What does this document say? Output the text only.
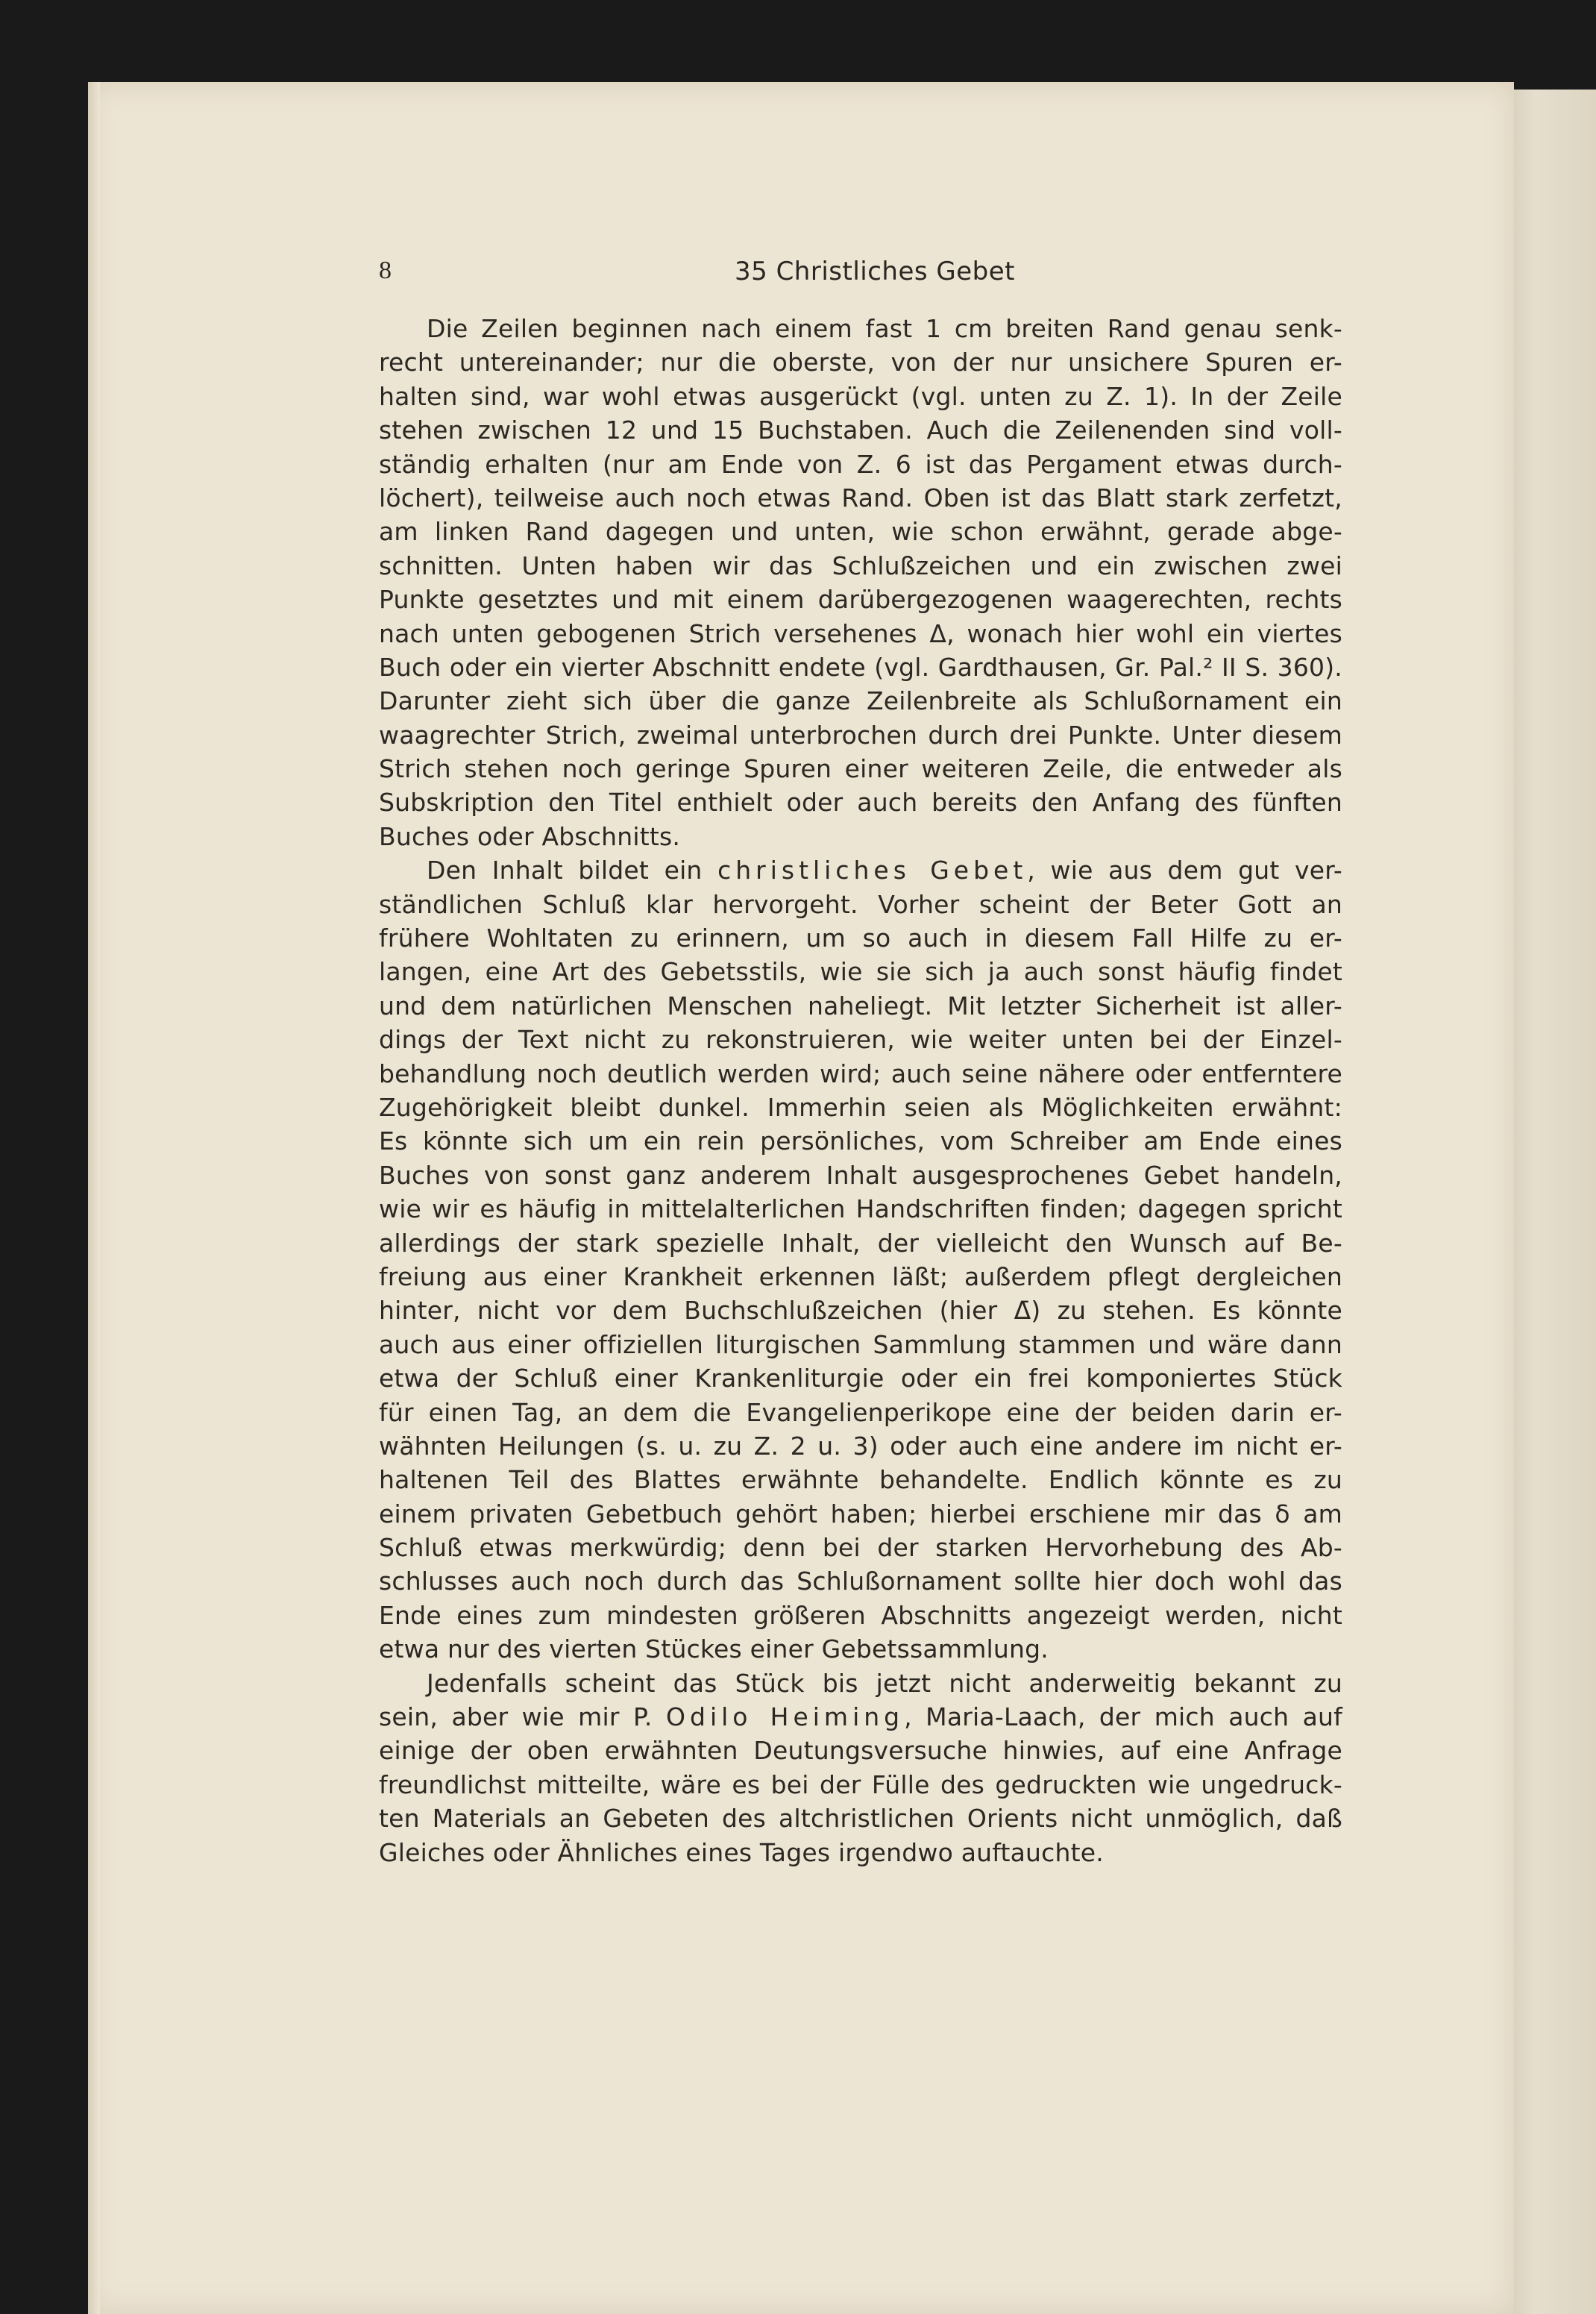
8	35 Christliches Gebet
Die Zeilen beginnen nach einem fast 1 cm breiten Rand genau senk-
recht untereinander; nur die oberste, von der nur unsichere Spuren er-
halten sind, war wohl etwas ausgerückt (vgl. unten zu Z. 1). In der Zeile
stehen zwischen 12 und 15 Buchstaben. Auch die Zeilenenden sind voll-
ständig erhalten (nur am Ende von Z. 6 ist das Pergament etwas durch-
löchert), teilweise auch noch etwas Rand. Oben ist das Blatt stark zerfetzt,
am linken Rand dagegen und unten, wie schon erwähnt, gerade abge-
schnitten. Unten haben wir das Schlußzeichen und ein zwischen zwei
Punkte gesetztes und mit einem darübergezogenen waagerechten, rechts
nach unten gebogenen Strich versehenes Δ, wonach hier wohl ein viertes
Buch oder ein vierter Abschnitt endete (vgl. Gardthausen, Gr. Pal.² II S. 360).
Darunter zieht sich über die ganze Zeilenbreite als Schlußornament ein
waagrechter Strich, zweimal unterbrochen durch drei Punkte. Unter diesem
Strich stehen noch geringe Spuren einer weiteren Zeile, die entweder als
Subskription den Titel enthielt oder auch bereits den Anfang des fünften
Buches oder Abschnitts.
Den Inhalt bildet ein christliches Gebet, wie aus dem gut ver-
ständlichen Schluß klar hervorgeht. Vorher scheint der Beter Gott an
frühere Wohltaten zu erinnern, um so auch in diesem Fall Hilfe zu er-
langen, eine Art des Gebetsstils, wie sie sich ja auch sonst häufig findet
und dem natürlichen Menschen naheliegt. Mit letzter Sicherheit ist aller-
dings der Text nicht zu rekonstruieren, wie weiter unten bei der Einzel-
behandlung noch deutlich werden wird; auch seine nähere oder entferntere
Zugehörigkeit bleibt dunkel. Immerhin seien als Möglichkeiten erwähnt:
Es könnte sich um ein rein persönliches, vom Schreiber am Ende eines
Buches von sonst ganz anderem Inhalt ausgesprochenes Gebet handeln,
wie wir es häufig in mittelalterlichen Handschriften finden; dagegen spricht
allerdings der stark spezielle Inhalt, der vielleicht den Wunsch auf Be-
freiung aus einer Krankheit erkennen läßt; außerdem pflegt dergleichen
hinter, nicht vor dem Buchschlußzeichen (hier Δ̄) zu stehen. Es könnte
auch aus einer offiziellen liturgischen Sammlung stammen und wäre dann
etwa der Schluß einer Krankenliturgie oder ein frei komponiertes Stück
für einen Tag, an dem die Evangelienperikope eine der beiden darin er-
wähnten Heilungen (s. u. zu Z. 2 u. 3) oder auch eine andere im nicht er-
haltenen Teil des Blattes erwähnte behandelte. Endlich könnte es zu
einem privaten Gebetbuch gehört haben; hierbei erschiene mir das δ am
Schluß etwas merkwürdig; denn bei der starken Hervorhebung des Ab-
schlusses auch noch durch das Schlußornament sollte hier doch wohl das
Ende eines zum mindesten größeren Abschnitts angezeigt werden, nicht
etwa nur des vierten Stückes einer Gebetssammlung.
Jedenfalls scheint das Stück bis jetzt nicht anderweitig bekannt zu
sein, aber wie mir P. Odilo Heiming, Maria-Laach, der mich auch auf
einige der oben erwähnten Deutungsversuche hinwies, auf eine Anfrage
freundlichst mitteilte, wäre es bei der Fülle des gedruckten wie ungedruck-
ten Materials an Gebeten des altchristlichen Orients nicht unmöglich, daß
Gleiches oder Ähnliches eines Tages irgendwo auftauchte.
